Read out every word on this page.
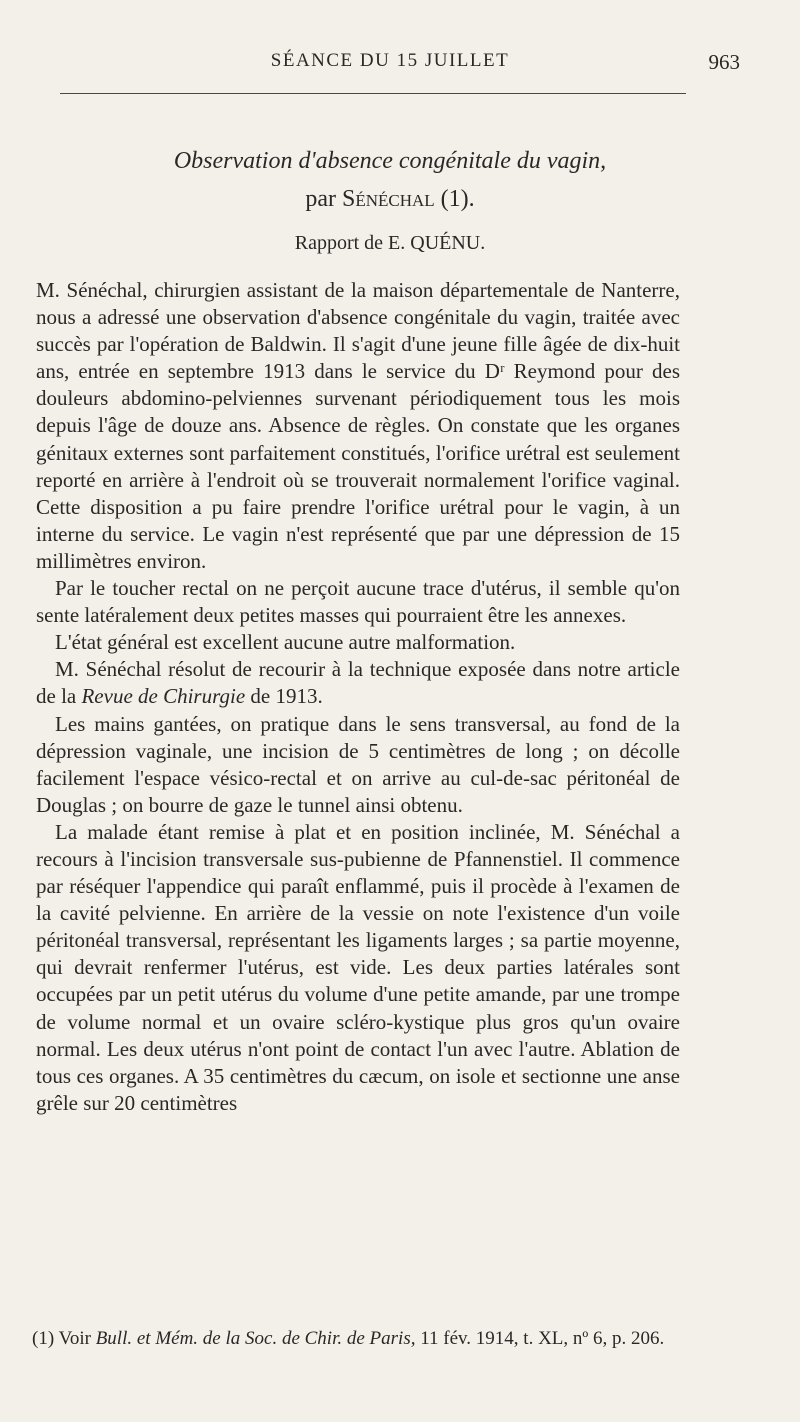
SÉANCE DU 15 JUILLET	963
Observation d'absence congénitale du vagin,
par Sénéchal (1).
Rapport de E. QUÉNU.

M. Sénéchal, chirurgien assistant de la maison départementale de Nanterre, nous a adressé une observation d'absence congénitale du vagin, traitée avec succès par l'opération de Baldwin. Il s'agit d'une jeune fille âgée de dix-huit ans, entrée en septembre 1913 dans le service du Dʳ Reymond pour des douleurs abdomino-pelviennes survenant périodiquement tous les mois depuis l'âge de douze ans. Absence de règles. On constate que les organes génitaux externes sont parfaitement constitués, l'orifice urétral est seulement reporté en arrière à l'endroit où se trouverait normalement l'orifice vaginal. Cette disposition a pu faire prendre l'orifice urétral pour le vagin, à un interne du service. Le vagin n'est représenté que par une dépression de 15 millimètres environ.

Par le toucher rectal on ne perçoit aucune trace d'utérus, il semble qu'on sente latéralement deux petites masses qui pourraient être les annexes.

L'état général est excellent aucune autre malformation.

M. Sénéchal résolut de recourir à la technique exposée dans notre article de la Revue de Chirurgie de 1913.

Les mains gantées, on pratique dans le sens transversal, au fond de la dépression vaginale, une incision de 5 centimètres de long ; on décolle facilement l'espace vésico-rectal et on arrive au cul-de-sac péritonéal de Douglas ; on bourre de gaze le tunnel ainsi obtenu.

La malade étant remise à plat et en position inclinée, M. Sénéchal a recours à l'incision transversale sus-pubienne de Pfannenstiel. Il commence par réséquer l'appendice qui paraît enflammé, puis il procède à l'examen de la cavité pelvienne. En arrière de la vessie on note l'existence d'un voile péritonéal transversal, représentant les ligaments larges ; sa partie moyenne, qui devrait renfermer l'utérus, est vide. Les deux parties latérales sont occupées par un petit utérus du volume d'une petite amande, par une trompe de volume normal et un ovaire scléro-kystique plus gros qu'un ovaire normal. Les deux utérus n'ont point de contact l'un avec l'autre. Ablation de tous ces organes. A 35 centimètres du cæcum, on isole et sectionne une anse grêle sur 20 centimètres

(1) Voir Bull. et Mém. de la Soc. de Chir. de Paris, 11 fév. 1914, t. XL, nº 6, p. 206.
